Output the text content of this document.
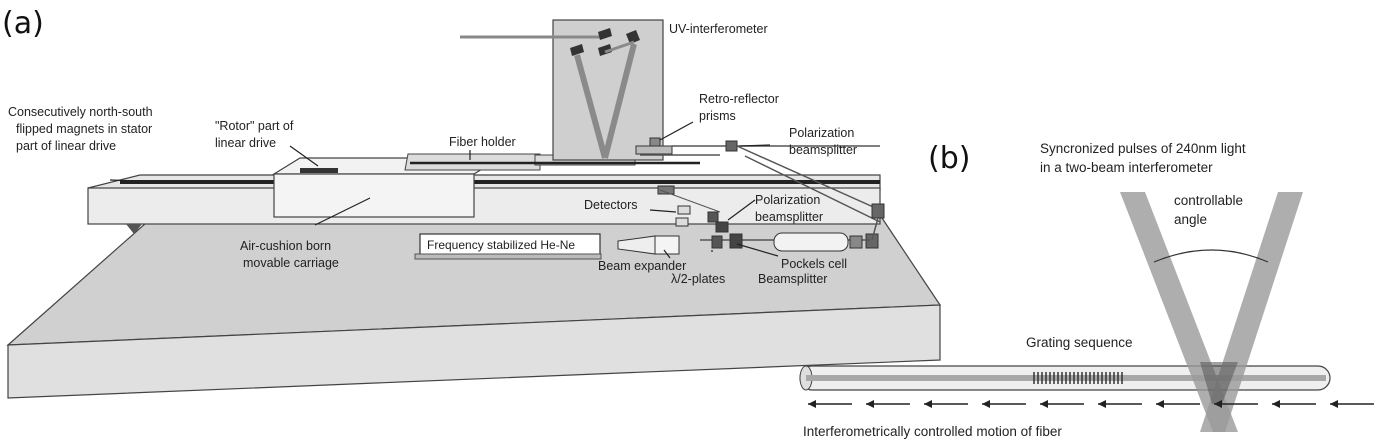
(a)	UV-interferometer
Consecutively north-south
flipped magnets in stator
part of linear drive
"Rotor" part of
linear drive	Fiber holder
Retro-reflector
prisms
Polarization
beamsplitter
Detectors	Polarization
beamsplitter
Air-cushion born
movable carriage
Frequency stabilized He-Ne
Beam expander	Pockels cell
λ/2-plates	Beamsplitter
(b)	Syncronized pulses of 240nm light
in a two-beam interferometer
controllable
angle
Grating sequence
Interferometrically controlled motion of fiber
